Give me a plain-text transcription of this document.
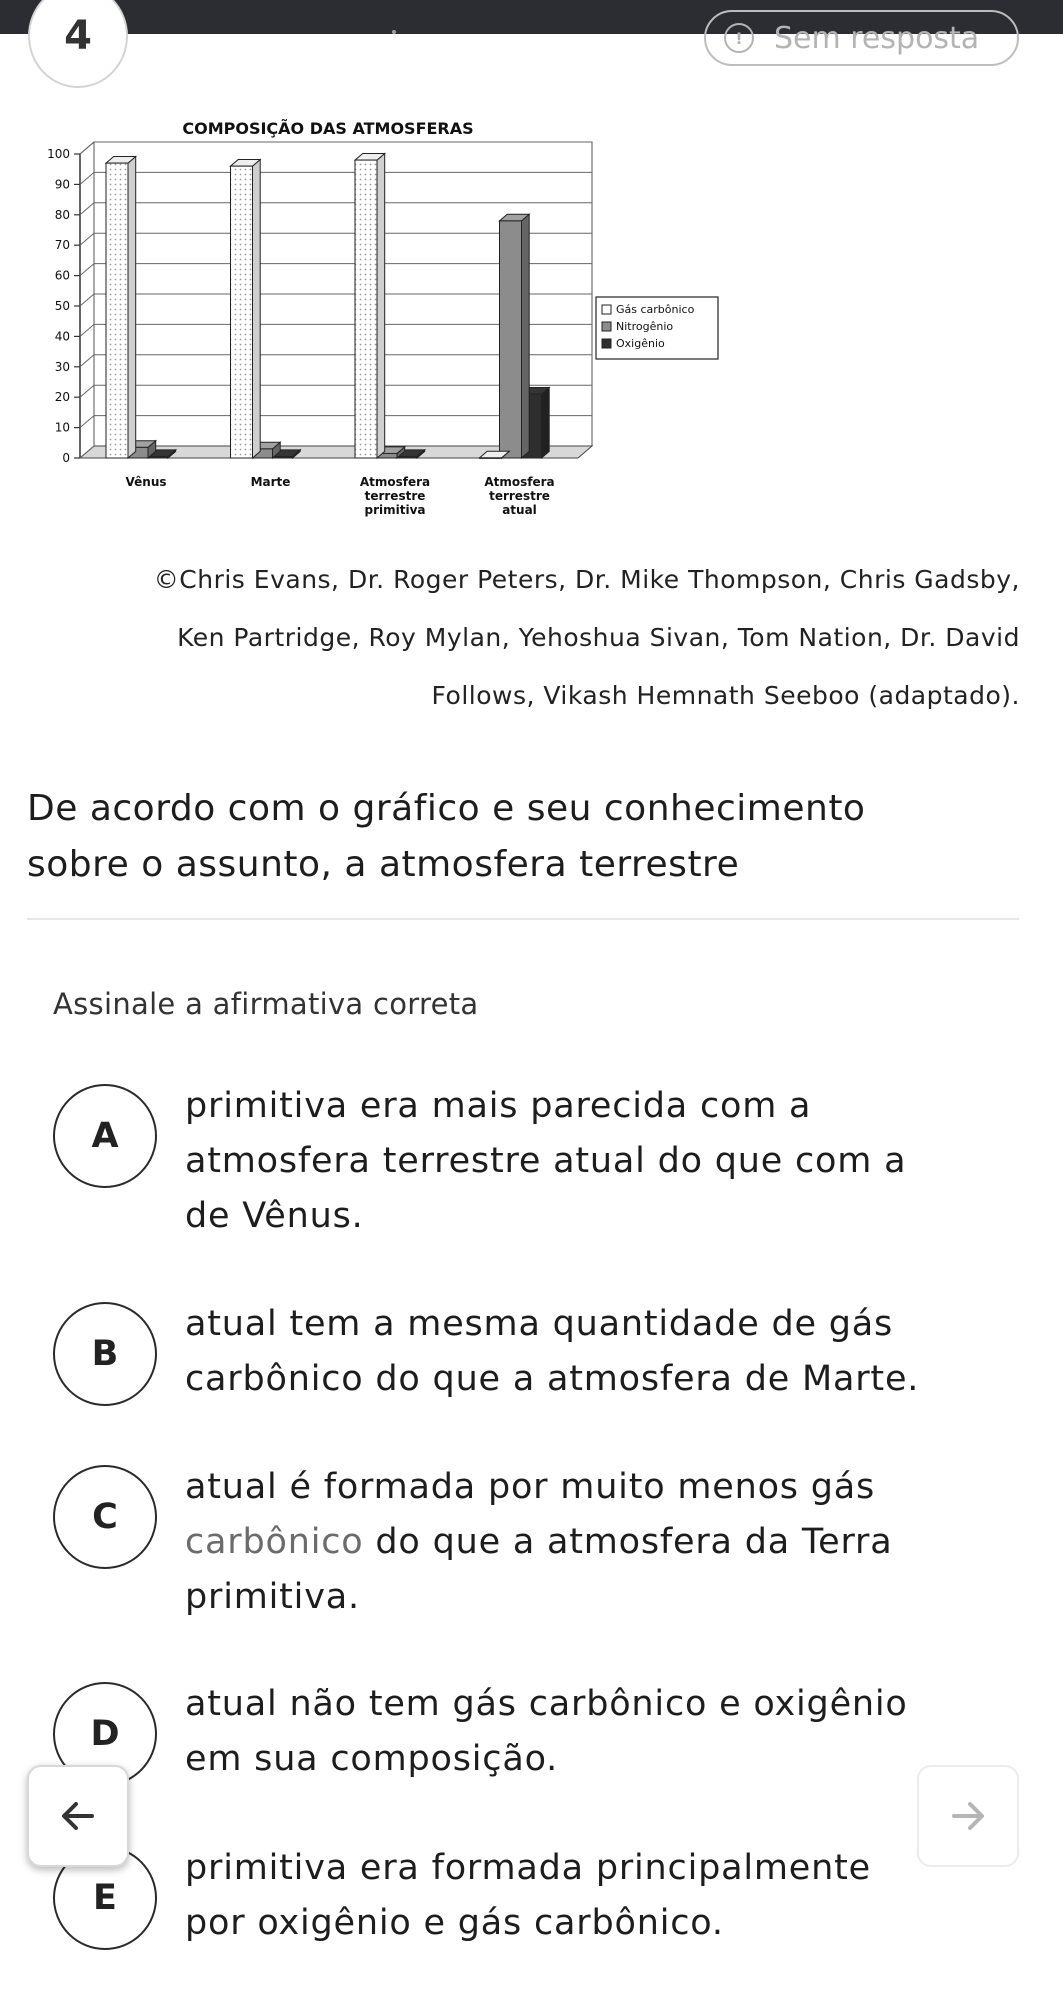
4	!	Sem resposta
COMPOSIÇÃO DAS ATMOSFERAS
0
10
20
30
40
50
60
70
80
90
100
Vênus	Marte	Atmosfera
terrestre
primitiva
Atmosfera
terrestre
atual
Gás carbônico
Nitrogênio
Oxigênio
©Chris Evans, Dr. Roger Peters, Dr. Mike Thompson, Chris Gadsby,
Ken Partridge, Roy Mylan, Yehoshua Sivan, Tom Nation, Dr. David
Follows, Vikash Hemnath Seeboo (adaptado).
De acordo com o gráfico e seu conhecimento
sobre o assunto, a atmosfera terrestre
Assinale a afirmativa correta
A
primitiva era mais parecida com a
atmosfera terrestre atual do que com a
de Vênus.
B
atual tem a mesma quantidade de gás
carbônico do que a atmosfera de Marte.
C
atual é formada por muito menos gás
carbônico do que a atmosfera da Terra
primitiva.
D
atual não tem gás carbônico e oxigênio
em sua composição.
E
primitiva era formada principalmente
por oxigênio e gás carbônico.
